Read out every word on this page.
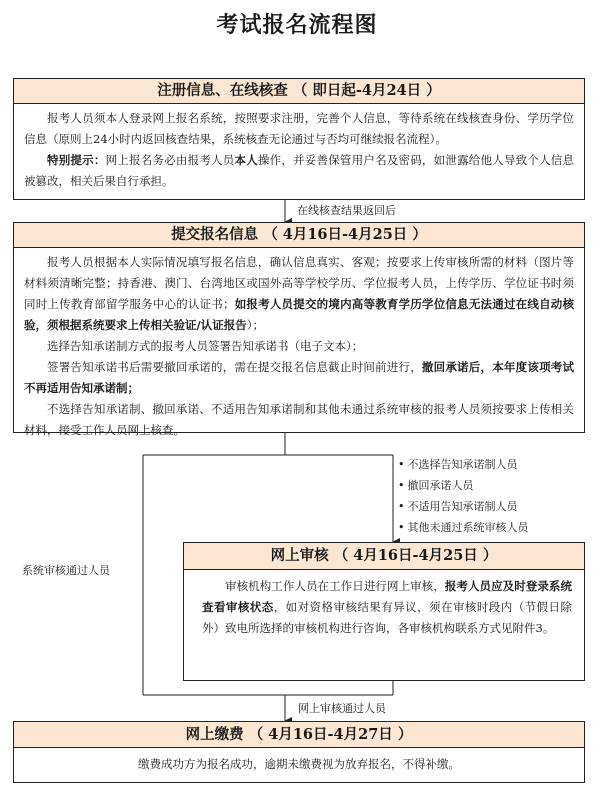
考试报名流程图
注册信息、在线核查 （ 即日起-4月24日 ）

报考人员须本人登录网上报名系统，按照要求注册，完善个人信息，等待系统在线核查身份、学历学位信息（原则上24小时内返回核查结果，系统核查无论通过与否均可继续报名流程）。

特别提示：网上报名务必由报考人员本人操作，并妥善保管用户名及密码，如泄露给他人导致个人信息被篡改，相关后果自行承担。

在线核查结果返回后
提交报名信息 （ 4月16日-4月25日 ）

报考人员根据本人实际情况填写报名信息，确认信息真实、客观；按要求上传审核所需的材料（图片等材料须清晰完整；持香港、澳门、台湾地区或国外高等学校学历、学位报考人员，上传学历、学位证书时须同时上传教育部留学服务中心的认证书；如报考人员提交的境内高等教育学历学位信息无法通过在线自动核验，须根据系统要求上传相关验证/认证报告）；

选择告知承诺制方式的报考人员签署告知承诺书（电子文本）；

签署告知承诺书后需要撤回承诺的，需在提交报名信息截止时间前进行，撤回承诺后，本年度该项考试不再适用告知承诺制；

不选择告知承诺制、撤回承诺、不适用告知承诺制和其他未通过系统审核的报考人员须按要求上传相关材料，接受工作人员网上核查。

• 不选择告知承诺制人员
• 撤回承诺人员
• 不适用告知承诺制人员
• 其他未通过系统审核人员
系统审核通过人员
网上审核 （ 4月16日-4月25日 ）

审核机构工作人员在工作日进行网上审核，报考人员应及时登录系统查看审核状态，如对资格审核结果有异议，须在审核时段内（节假日除外）致电所选择的审核机构进行咨询，各审核机构联系方式见附件3。

网上审核通过人员
网上缴费 （ 4月16日-4月27日 ）
缴费成功方为报名成功，逾期未缴费视为放弃报名，不得补缴。
